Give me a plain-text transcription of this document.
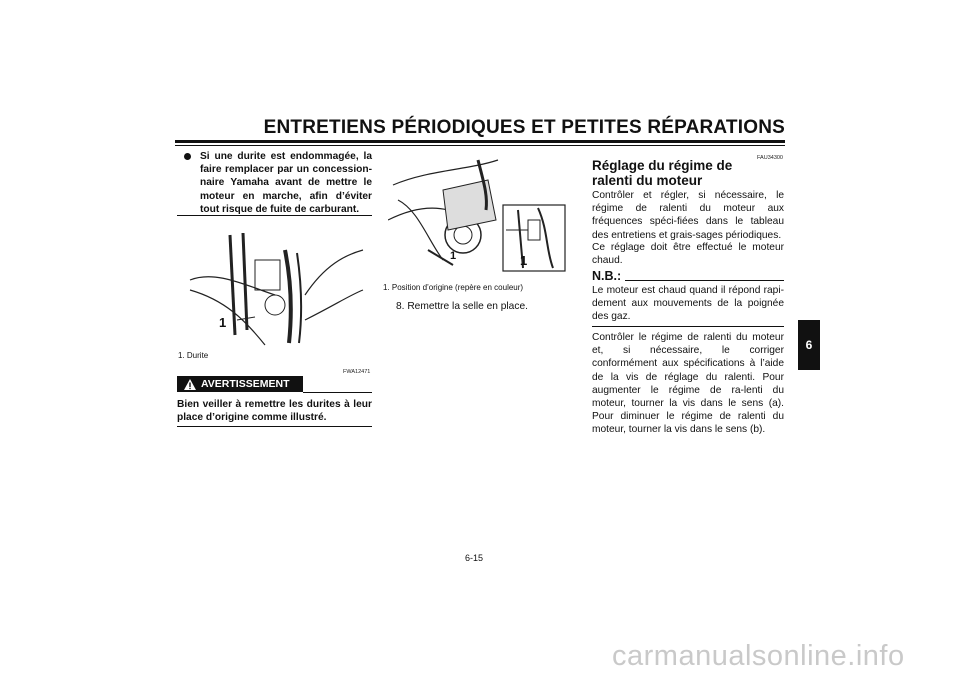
ENTRETIENS PÉRIODIQUES ET PETITES RÉPARATIONS
Si une durite est endommagée, la faire remplacer par un concession-naire Yamaha avant de mettre le moteur en marche, afin d’éviter tout risque de fuite de carburant.
1
1. Durite
FWA12471
AVERTISSEMENT
Bien veiller à remettre les durites à leur place d’origine comme illustré.
1	1
1. Position d’origine (repère en couleur)
8. Remettre la selle en place.
FAU34300
Réglage du régime de ralenti du moteur
Contrôler et régler, si nécessaire, le régime de ralenti du moteur aux fréquences spéci-fiées dans le tableau des entretiens et grais-sages périodiques.
Ce réglage doit être effectué le moteur chaud.
N.B.:
Le moteur est chaud quand il répond rapi-dement aux mouvements de la poignée des gaz.
Contrôler le régime de ralenti du moteur et, si nécessaire, le corriger conformément aux spécifications à l’aide de la vis de réglage du ralenti. Pour augmenter le régime de ra-lenti du moteur, tourner la vis dans le sens (a). Pour diminuer le régime de ralenti du moteur, tourner la vis dans le sens (b).
6
6-15
carmanualsonline.info
